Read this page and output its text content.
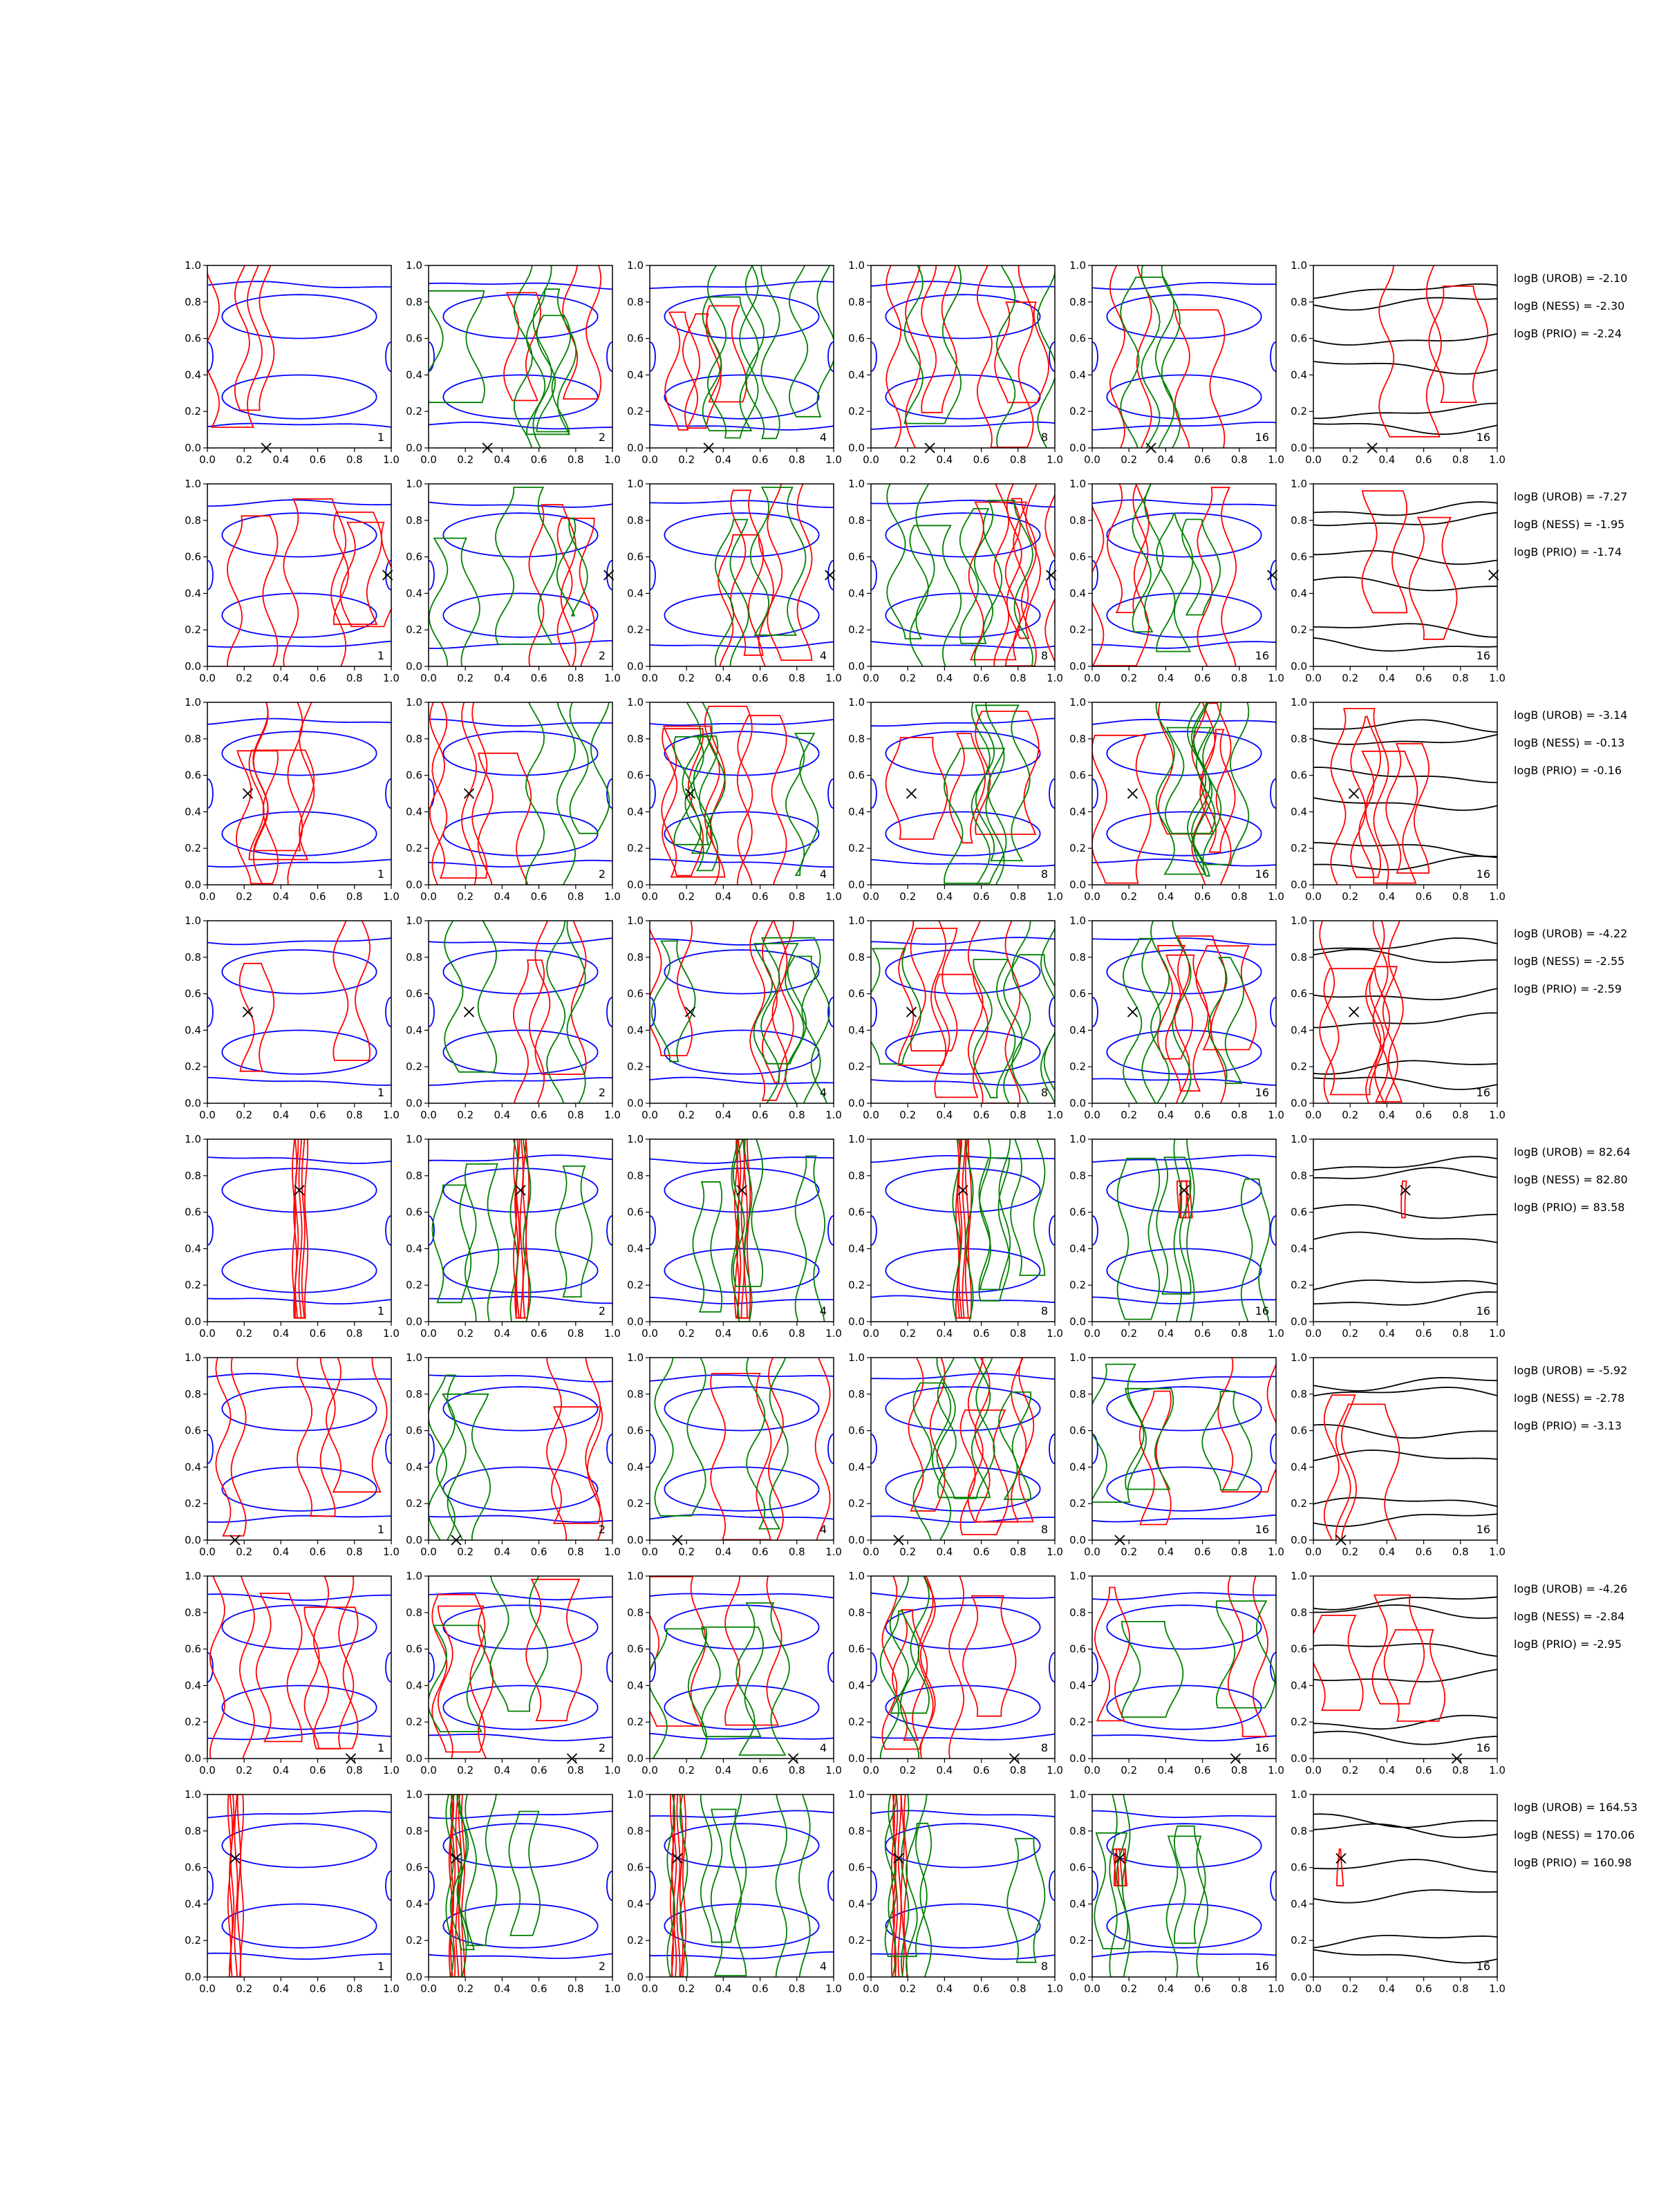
0.0
0.0
0.2
0.2
0.4
0.4
0.6
0.6
0.8
0.8
1.0
1.0
1
0.0
0.0
0.2
0.2
0.4
0.4
0.6
0.6
0.8
0.8
1.0
1.0
2
0.0
0.0
0.2
0.2
0.4
0.4
0.6
0.6
0.8
0.8
1.0
1.0
4
0.0
0.0
0.2
0.2
0.4
0.4
0.6
0.6
0.8
0.8
1.0
1.0
8
0.0
0.0
0.2
0.2
0.4
0.4
0.6
0.6
0.8
0.8
1.0
1.0
16
0.0
0.0
0.2
0.2
0.4
0.4
0.6
0.6
0.8
0.8
1.0
1.0
16
logB (UROB) = -2.10
logB (NESS) = -2.30
logB (PRIO) = -2.24
0.0
0.0
0.2
0.2
0.4
0.4
0.6
0.6
0.8
0.8
1.0
1.0
1
0.0
0.0
0.2
0.2
0.4
0.4
0.6
0.6
0.8
0.8
1.0
1.0
2
0.0
0.0
0.2
0.2
0.4
0.4
0.6
0.6
0.8
0.8
1.0
1.0
4
0.0
0.0
0.2
0.2
0.4
0.4
0.6
0.6
0.8
0.8
1.0
1.0
8
0.0
0.0
0.2
0.2
0.4
0.4
0.6
0.6
0.8
0.8
1.0
1.0
16
0.0
0.0
0.2
0.2
0.4
0.4
0.6
0.6
0.8
0.8
1.0
1.0
16
logB (UROB) = -7.27
logB (NESS) = -1.95
logB (PRIO) = -1.74
0.0
0.0
0.2
0.2
0.4
0.4
0.6
0.6
0.8
0.8
1.0
1.0
1
0.0
0.0
0.2
0.2
0.4
0.4
0.6
0.6
0.8
0.8
1.0
1.0
2
0.0
0.0
0.2
0.2
0.4
0.4
0.6
0.6
0.8
0.8
1.0
1.0
4
0.0
0.0
0.2
0.2
0.4
0.4
0.6
0.6
0.8
0.8
1.0
1.0
8
0.0
0.0
0.2
0.2
0.4
0.4
0.6
0.6
0.8
0.8
1.0
1.0
16
0.0
0.0
0.2
0.2
0.4
0.4
0.6
0.6
0.8
0.8
1.0
1.0
16
logB (UROB) = -3.14
logB (NESS) = -0.13
logB (PRIO) = -0.16
0.0
0.0
0.2
0.2
0.4
0.4
0.6
0.6
0.8
0.8
1.0
1.0
1
0.0
0.0
0.2
0.2
0.4
0.4
0.6
0.6
0.8
0.8
1.0
1.0
2
0.0
0.0
0.2
0.2
0.4
0.4
0.6
0.6
0.8
0.8
1.0
1.0
4
0.0
0.0
0.2
0.2
0.4
0.4
0.6
0.6
0.8
0.8
1.0
1.0
8
0.0
0.0
0.2
0.2
0.4
0.4
0.6
0.6
0.8
0.8
1.0
1.0
16
0.0
0.0
0.2
0.2
0.4
0.4
0.6
0.6
0.8
0.8
1.0
1.0
16
logB (UROB) = -4.22
logB (NESS) = -2.55
logB (PRIO) = -2.59
0.0
0.0
0.2
0.2
0.4
0.4
0.6
0.6
0.8
0.8
1.0
1.0
1
0.0
0.0
0.2
0.2
0.4
0.4
0.6
0.6
0.8
0.8
1.0
1.0
2
0.0
0.0
0.2
0.2
0.4
0.4
0.6
0.6
0.8
0.8
1.0
1.0
4
0.0
0.0
0.2
0.2
0.4
0.4
0.6
0.6
0.8
0.8
1.0
1.0
8
0.0
0.0
0.2
0.2
0.4
0.4
0.6
0.6
0.8
0.8
1.0
1.0
16
0.0
0.0
0.2
0.2
0.4
0.4
0.6
0.6
0.8
0.8
1.0
1.0
16
logB (UROB) = 82.64
logB (NESS) = 82.80
logB (PRIO) = 83.58
0.0
0.0
0.2
0.2
0.4
0.4
0.6
0.6
0.8
0.8
1.0
1.0
1
0.0
0.0
0.2
0.2
0.4
0.4
0.6
0.6
0.8
0.8
1.0
1.0
2
0.0
0.0
0.2
0.2
0.4
0.4
0.6
0.6
0.8
0.8
1.0
1.0
4
0.0
0.0
0.2
0.2
0.4
0.4
0.6
0.6
0.8
0.8
1.0
1.0
8
0.0
0.0
0.2
0.2
0.4
0.4
0.6
0.6
0.8
0.8
1.0
1.0
16
0.0
0.0
0.2
0.2
0.4
0.4
0.6
0.6
0.8
0.8
1.0
1.0
16
logB (UROB) = -5.92
logB (NESS) = -2.78
logB (PRIO) = -3.13
0.0
0.0
0.2
0.2
0.4
0.4
0.6
0.6
0.8
0.8
1.0
1.0
1
0.0
0.0
0.2
0.2
0.4
0.4
0.6
0.6
0.8
0.8
1.0
1.0
2
0.0
0.0
0.2
0.2
0.4
0.4
0.6
0.6
0.8
0.8
1.0
1.0
4
0.0
0.0
0.2
0.2
0.4
0.4
0.6
0.6
0.8
0.8
1.0
1.0
8
0.0
0.0
0.2
0.2
0.4
0.4
0.6
0.6
0.8
0.8
1.0
1.0
16
0.0
0.0
0.2
0.2
0.4
0.4
0.6
0.6
0.8
0.8
1.0
1.0
16
logB (UROB) = -4.26
logB (NESS) = -2.84
logB (PRIO) = -2.95
0.0
0.0
0.2
0.2
0.4
0.4
0.6
0.6
0.8
0.8
1.0
1.0
1
0.0
0.0
0.2
0.2
0.4
0.4
0.6
0.6
0.8
0.8
1.0
1.0
2
0.0
0.0
0.2
0.2
0.4
0.4
0.6
0.6
0.8
0.8
1.0
1.0
4
0.0
0.0
0.2
0.2
0.4
0.4
0.6
0.6
0.8
0.8
1.0
1.0
8
0.0
0.0
0.2
0.2
0.4
0.4
0.6
0.6
0.8
0.8
1.0
1.0
16
0.0
0.0
0.2
0.2
0.4
0.4
0.6
0.6
0.8
0.8
1.0
1.0
16
logB (UROB) = 164.53
logB (NESS) = 170.06
logB (PRIO) = 160.98
